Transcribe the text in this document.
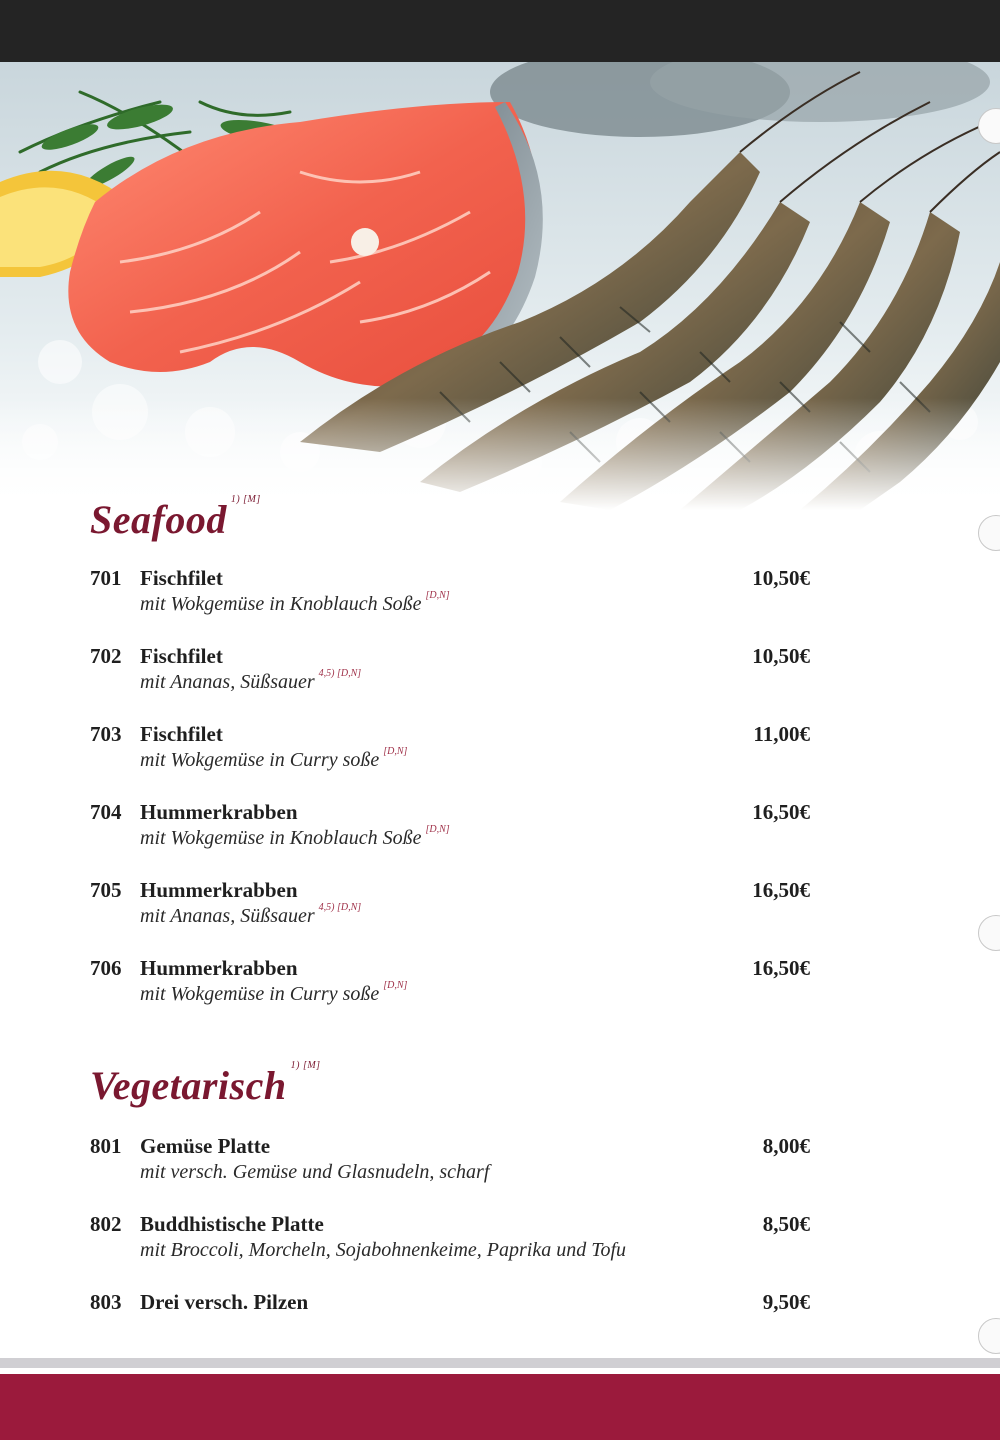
Seafood $^{1) [M]}$
701 Fischfilet	10,50€
mit Wokgemüse in Knoblauch Soße [D,N]
702 Fischfilet	10,50€
mit Ananas, Süßsauer $^{4,5) [D,N]}$
703 Fischfilet	11,00€
mit Wokgemüse in Curry soße [D,N]
704 Hummerkrabben	16,50€
mit Wokgemüse in Knoblauch Soße [D,N]
705 Hummerkrabben	16,50€
mit Ananas, Süßsauer $^{4,5) [D,N]}$
706 Hummerkrabben	16,50€
mit Wokgemüse in Curry soße [D,N]
Vegetarisch $^{1) [M]}$
801 Gemüse Platte	8,00€
mit versch. Gemüse und Glasnudeln, scharf
802 Buddhistische Platte	8,50€
mit Broccoli, Morcheln, Sojabohnenkeime, Paprika und Tofu
803 Drei versch. Pilzen	9,50€
